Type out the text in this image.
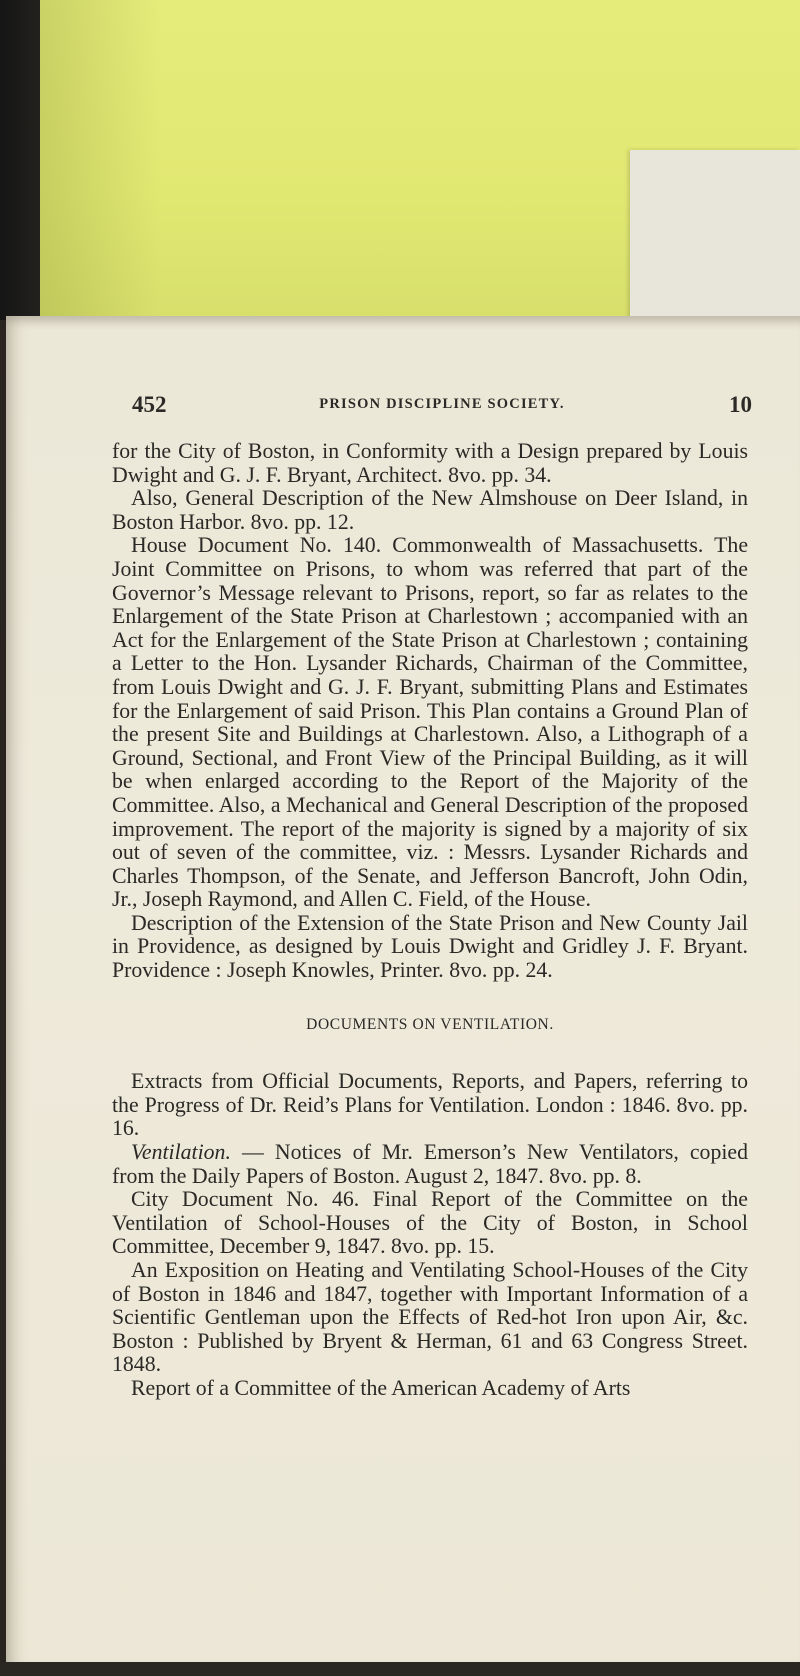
452	PRISON DISCIPLINE SOCIETY.	10

for the City of Boston, in Conformity with a Design prepared by Louis Dwight and G. J. F. Bryant, Architect. 8vo. pp. 34.

Also, General Description of the New Almshouse on Deer Island, in Boston Harbor. 8vo. pp. 12.

House Document No. 140. Commonwealth of Massachusetts. The Joint Committee on Prisons, to whom was referred that part of the Governor’s Message relevant to Prisons, report, so far as relates to the Enlargement of the State Prison at Charlestown ; accompanied with an Act for the Enlargement of the State Prison at Charlestown ; containing a Letter to the Hon. Lysander Richards, Chairman of the Committee, from Louis Dwight and G. J. F. Bryant, submitting Plans and Estimates for the Enlargement of said Prison. This Plan contains a Ground Plan of the present Site and Buildings at Charlestown. Also, a Lithograph of a Ground, Sectional, and Front View of the Principal Building, as it will be when enlarged according to the Report of the Majority of the Committee. Also, a Mechanical and General Description of the proposed improvement. The report of the majority is signed by a majority of six out of seven of the committee, viz. : Messrs. Lysander Richards and Charles Thompson, of the Senate, and Jefferson Bancroft, John Odin, Jr., Joseph Raymond, and Allen C. Field, of the House.

Description of the Extension of the State Prison and New County Jail in Providence, as designed by Louis Dwight and Gridley J. F. Bryant. Providence : Joseph Knowles, Printer. 8vo. pp. 24.

DOCUMENTS ON VENTILATION.

Extracts from Official Documents, Reports, and Papers, referring to the Progress of Dr. Reid’s Plans for Ventilation. London : 1846. 8vo. pp. 16.

Ventilation. — Notices of Mr. Emerson’s New Ventilators, copied from the Daily Papers of Boston. August 2, 1847. 8vo. pp. 8.

City Document No. 46. Final Report of the Committee on the Ventilation of School-Houses of the City of Boston, in School Committee, December 9, 1847. 8vo. pp. 15.

An Exposition on Heating and Ventilating School-Houses of the City of Boston in 1846 and 1847, together with Important Information of a Scientific Gentleman upon the Effects of Red-hot Iron upon Air, &c. Boston : Published by Bryent & Herman, 61 and 63 Congress Street. 1848.

Report of a Committee of the American Academy of Arts
